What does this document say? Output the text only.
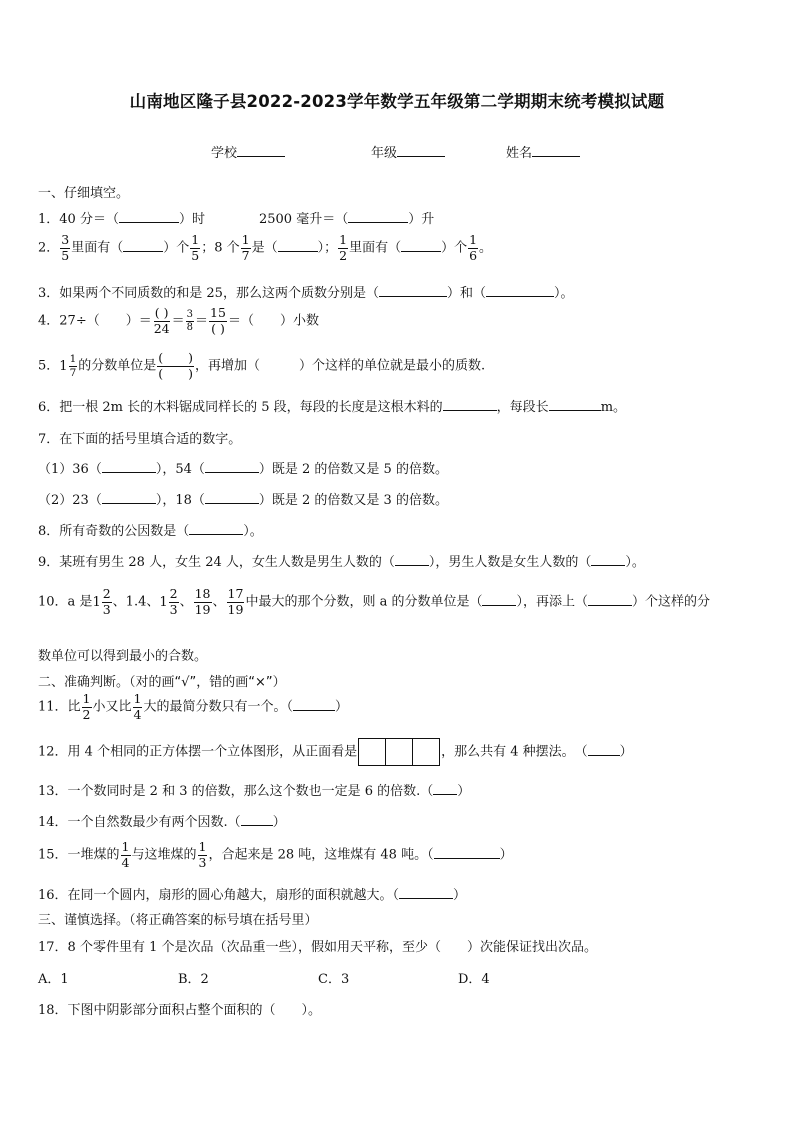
山南地区隆子县2022-2023学年数学五年级第二学期期末统考模拟试题
学校	年级	姓名
一、仔细填空。
1．40 分＝（	）时	2500 毫升＝（	）升
2． $\frac{3}{5}$ 里面有（	）个 $\frac{1}{5}$ ；8 个 $\frac{1}{7}$ 是（	）； $\frac{1}{2}$ 里面有（	）个 $\frac{1}{6}$ 。
3．如果两个不同质数的和是 25，那么这两个质数分别是（	）和（	）。
4．27÷（　　）＝
( )
$24 = \frac{3}{8}$ ＝
15
( ) ＝（　　）小数
5． 1 1
7 的分数单位是
(　　)
(　　) ，再增加（　　　）个这样的单位就是最小的质数.
6．把一根 2m 长的木料锯成同样长的 5 段，每段的长度是这根木料的	，每段长	m。
7．在下面的括号里填合适的数字。
（1）36（	），54（	）既是 2 的倍数又是 5 的倍数。
（2）23（	），18（	）既是 2 的倍数又是 3 的倍数。
8．所有奇数的公因数是（	）。
9．某班有男生 28 人，女生 24 人，女生人数是男生人数的（	），男生人数是女生人数的（	）。
10．a 是 1
2
3 、1.4、 1
2
3 、 $\frac{18}{19}$ 、 $\frac{17}{19}$ 中最大的那个分数，则 a 的分数单位是（	），再添上（	）个这样的分
数单位可以得到最小的合数。
二、准确判断。（对的画“√”，错的画“×”）
11．比 $\frac{1}{2}$ 小又比 $\frac{1}{4}$ 大的最简分数只有一个。（	）
12．用 4 个相同的正方体摆一个立体图形，从正面看是	，那么共有 4 种摆法。　（ ）
13．一个数同时是 2 和 3 的倍数，那么这个数也一定是 6 的倍数.（ ）
14．一个自然数最少有两个因数.（ ）
15．一堆煤的 $\frac{1}{4}$ 与这堆煤的 $\frac{1}{3}$ ，合起来是 28 吨，这堆煤有 48 吨。（	）
16．在同一个圆内，扇形的圆心角越大，扇形的面积就越大。（	）
三、谨慎选择。（将正确答案的标号填在括号里）
17．8 个零件里有 1 个是次品（次品重一些），假如用天平称，至少（　　）次能保证找出次品。
A．1	B．2	C．3	D．4
18．下图中阴影部分面积占整个面积的（　　）。
